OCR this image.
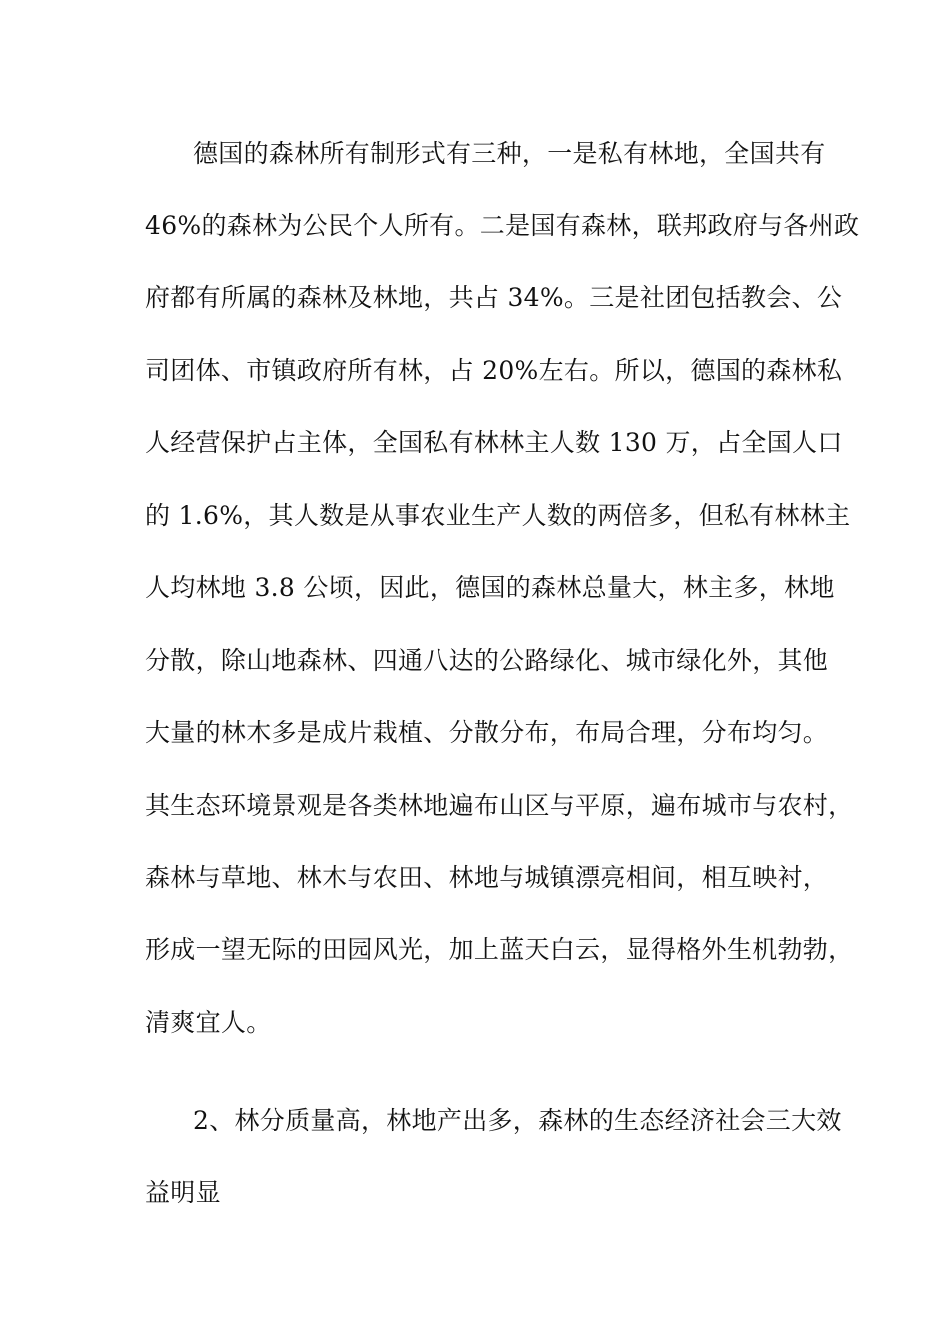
德国的森林所有制形式有三种，一是私有林地，全国共有
46%的森林为公民个人所有。二是国有森林，联邦政府与各州政
府都有所属的森林及林地，共占 34%。三是社团包括教会、公
司团体、市镇政府所有林，占 20%左右。所以，德国的森林私
人经营保护占主体，全国私有林林主人数 130 万，占全国人口
的 1.6%，其人数是从事农业生产人数的两倍多，但私有林林主
人均林地 3.8 公顷，因此，德国的森林总量大，林主多，林地
分散，除山地森林、四通八达的公路绿化、城市绿化外，其他
大量的林木多是成片栽植、分散分布，布局合理，分布均匀。
其生态环境景观是各类林地遍布山区与平原，遍布城市与农村，
森林与草地、林木与农田、林地与城镇漂亮相间，相互映衬，
形成一望无际的田园风光，加上蓝天白云，显得格外生机勃勃，
清爽宜人。
2、林分质量高，林地产出多，森林的生态经济社会三大效
益明显
